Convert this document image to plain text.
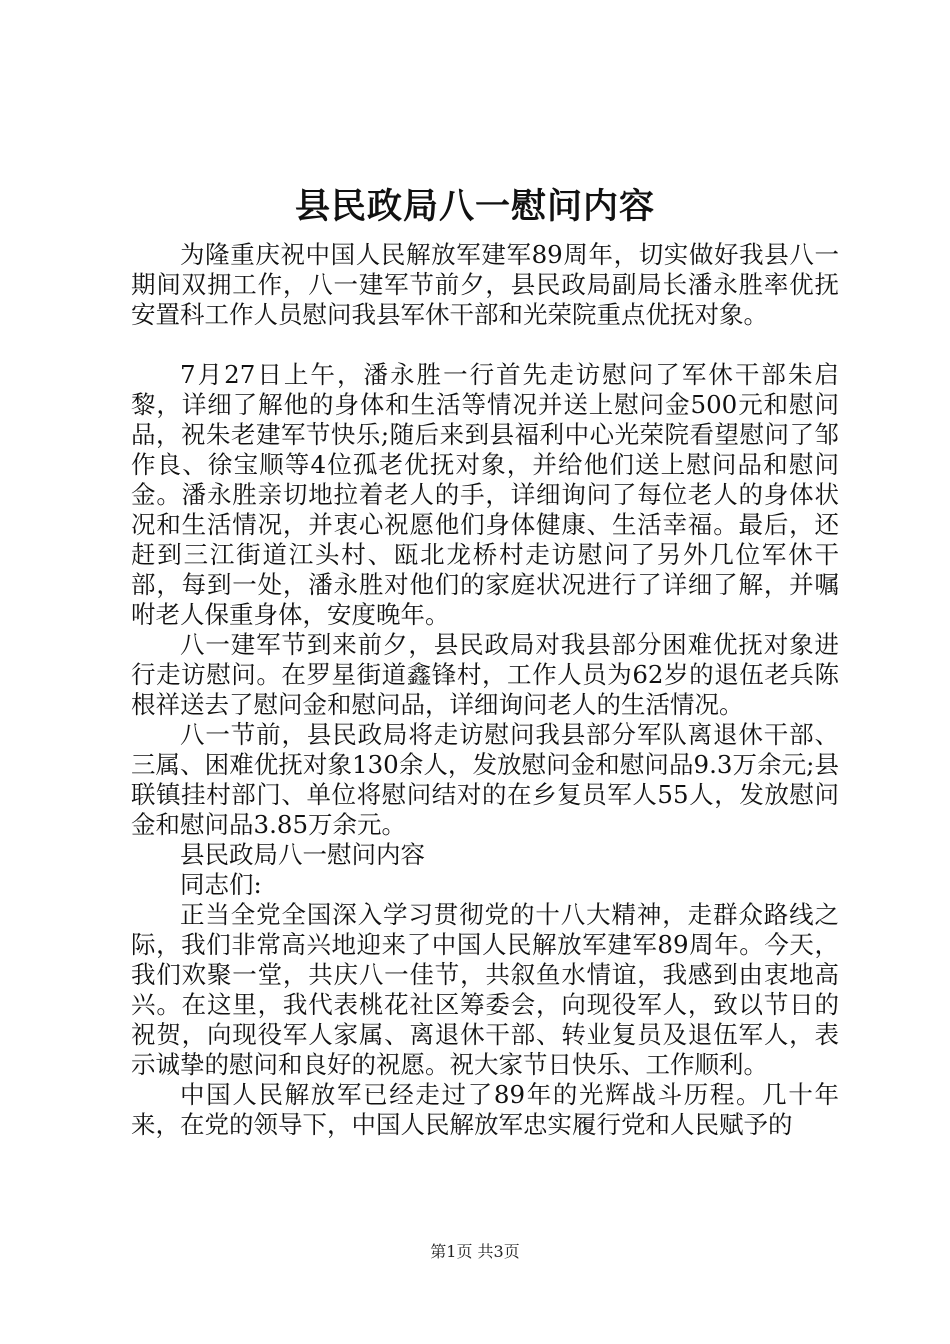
县民政局八一慰问内容

为隆重庆祝中国人民解放军建军89周年，切实做好我县八一期间双拥工作，八一建军节前夕，县民政局副局长潘永胜率优抚安置科工作人员慰问我县军休干部和光荣院重点优抚对象。

7月27日上午，潘永胜一行首先走访慰问了军休干部朱启黎，详细了解他的身体和生活等情况并送上慰问金500元和慰问品，祝朱老建军节快乐;随后来到县福利中心光荣院看望慰问了邹作良、徐宝顺等4位孤老优抚对象，并给他们送上慰问品和慰问金。潘永胜亲切地拉着老人的手，详细询问了每位老人的身体状况和生活情况，并衷心祝愿他们身体健康、生活幸福。最后，还赶到三江街道江头村、瓯北龙桥村走访慰问了另外几位军休干部，每到一处，潘永胜对他们的家庭状况进行了详细了解，并嘱咐老人保重身体，安度晚年。

八一建军节到来前夕，县民政局对我县部分困难优抚对象进行走访慰问。在罗星街道鑫锋村，工作人员为62岁的退伍老兵陈根祥送去了慰问金和慰问品，详细询问老人的生活情况。

八一节前，县民政局将走访慰问我县部分军队离退休干部、三属、困难优抚对象130余人，发放慰问金和慰问品9.3万余元;县联镇挂村部门、单位将慰问结对的在乡复员军人55人，发放慰问金和慰问品3.85万余元。

县民政局八一慰问内容

同志们:

正当全党全国深入学习贯彻党的十八大精神，走群众路线之际，我们非常高兴地迎来了中国人民解放军建军89周年。今天，我们欢聚一堂，共庆八一佳节，共叙鱼水情谊，我感到由衷地高兴。在这里，我代表桃花社区筹委会，向现役军人，致以节日的祝贺，向现役军人家属、离退休干部、转业复员及退伍军人，表示诚挚的慰问和良好的祝愿。祝大家节日快乐、工作顺利。

中国人民解放军已经走过了89年的光辉战斗历程。几十年来，在党的领导下，中国人民解放军忠实履行党和人民赋予的

第1页 共3页
